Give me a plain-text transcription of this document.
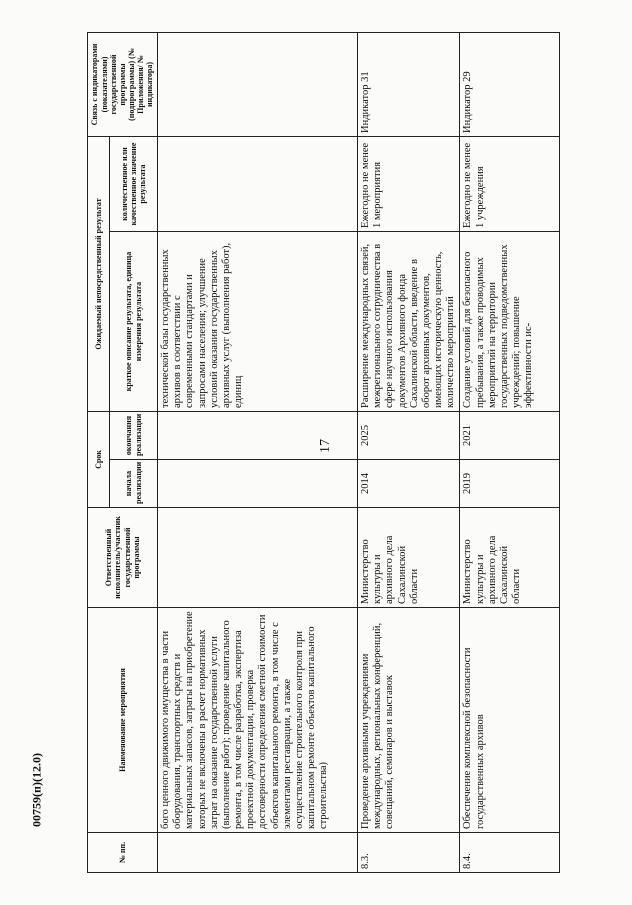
17
00759(п)(12.0)
№ пп.	Наименование мероприятия	Ответственный исполнитель/участник государственной программы	Срок		Ожидаемый непосредственный результат		Связь с индикаторами (показателями) государственной программы (подпрограммы) (№ Приложения/ № индикатора)
			начала реализации	окончания реализации	краткое описание результата, единица измерения результата	количественное или качественное значение результата	
	бого ценного движимого имущества в части оборудования, транспортных средств и материальных запасов, затраты на приобретение которых не включены в расчет нормативных затрат на оказание государственной услуги (выполнение работ); проведение капитального ремонта, в том числе разработка, экспертиза проектной документации, проверка достоверности определения сметной стоимости объектов капитального ремонта, в том числе с элементами реставрации, а также осуществление строительного контроля при капитальном ремонте объектов капитального строительства)				технической базы государственных архивов в соответствии с современными стандартами и запросами населения; улучшение условий оказания государственных архивных услуг (выполнения работ), единиц		
8.3.	Проведение архивными учреждениями международных, региональных конференций, совещаний, семинаров и выставок	Министерство культуры и архивного дела Сахалинской области	2014	2025	Расширение международных связей, межрегионального сотрудничества в сфере научного использования документов Архивного фонда Сахалинской области, введение в оборот архивных документов, имеющих историческую ценность, количество мероприятий	Ежегодно не менее 1 мероприятия	Индикатор 31
8.4.	Обеспечение комплексной безопасности государственных архивов	Министерство культуры и архивного дела Сахалинской области	2019	2021	Создание условий для безопасного пребывания, а также проводимых мероприятий на территории государственных подведомственных учреждений; повышение эффективности ис-	Ежегодно не менее 1 учреждения	Индикатор 29
